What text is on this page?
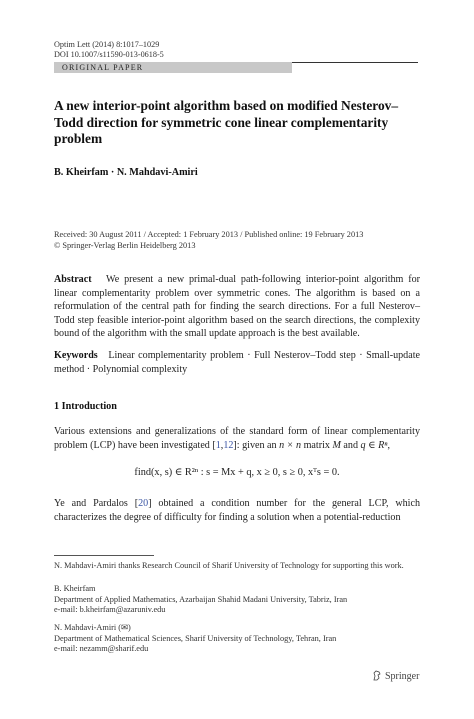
Optim Lett (2014) 8:1017–1029
DOI 10.1007/s11590-013-0618-5
ORIGINAL PAPER
A new interior-point algorithm based on modified Nesterov–Todd direction for symmetric cone linear complementarity problem
B. Kheirfam · N. Mahdavi-Amiri
Received: 30 August 2011 / Accepted: 1 February 2013 / Published online: 19 February 2013
© Springer-Verlag Berlin Heidelberg 2013
Abstract We present a new primal-dual path-following interior-point algorithm for linear complementarity problem over symmetric cones. The algorithm is based on a reformulation of the central path for finding the search directions. For a full Nesterov–Todd step feasible interior-point algorithm based on the search directions, the complexity bound of the algorithm with the small update approach is the best available.
Keywords Linear complementarity problem · Full Nesterov–Todd step · Small-update method · Polynomial complexity
1 Introduction
Various extensions and generalizations of the standard form of linear complementarity problem (LCP) have been investigated [1,12]: given an n × n matrix M and q ∈ Rⁿ,
find(x, s) ∈ R²ⁿ : s = Mx + q, x ≥ 0, s ≥ 0, xᵀs = 0.
Ye and Pardalos [20] obtained a condition number for the general LCP, which characterizes the degree of difficulty for finding a solution when a potential-reduction
N. Mahdavi-Amiri thanks Research Council of Sharif University of Technology for supporting this work.
B. Kheirfam
Department of Applied Mathematics, Azarbaijan Shahid Madani University, Tabriz, Iran
e-mail: b.kheirfam@azaruniv.edu
N. Mahdavi-Amiri (✉)
Department of Mathematical Sciences, Sharif University of Technology, Tehran, Iran
e-mail: nezamm@sharif.edu
Springer
